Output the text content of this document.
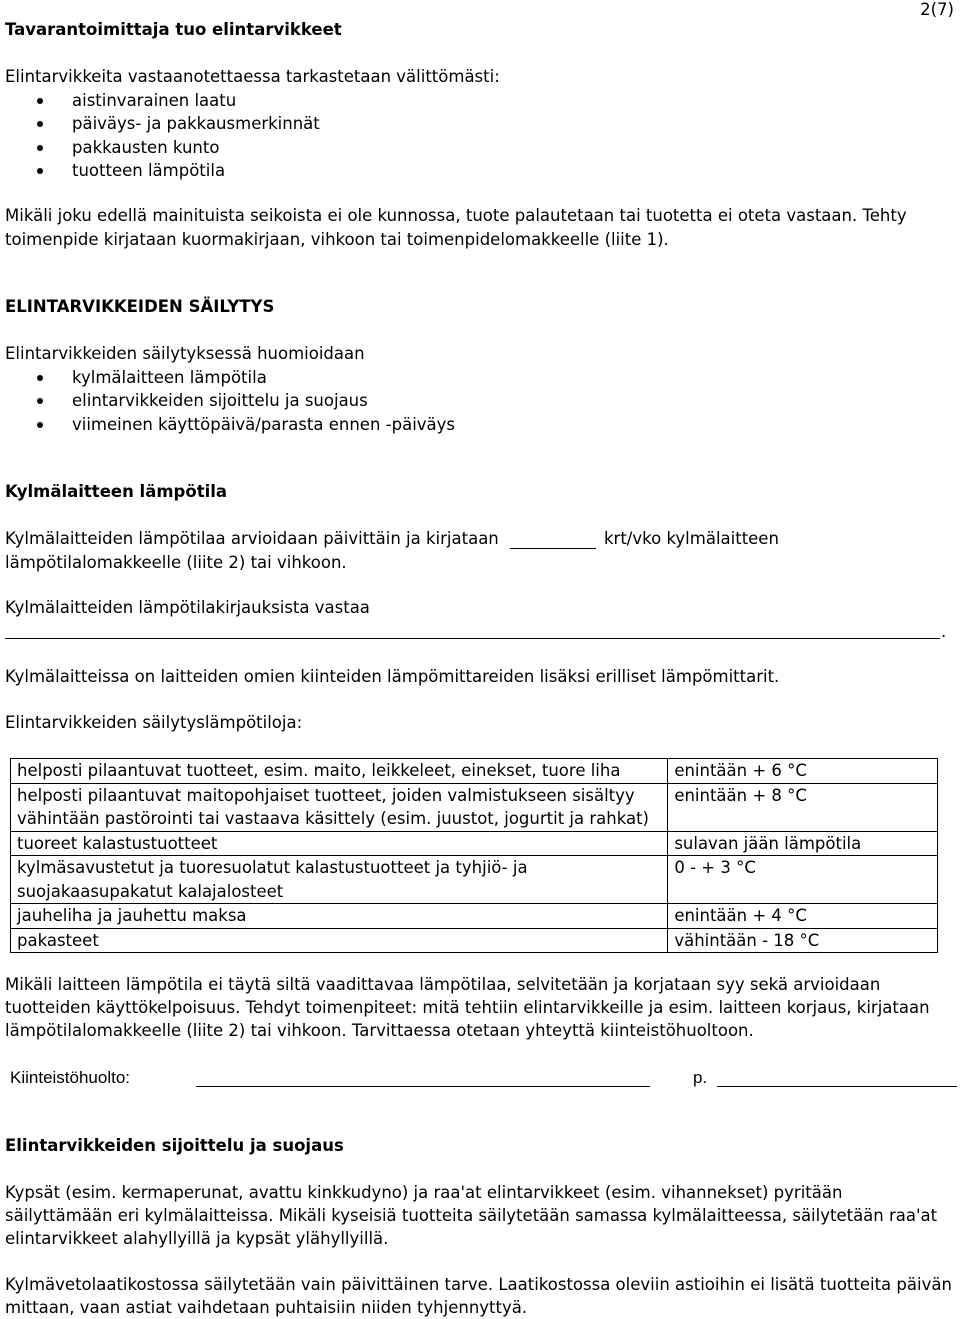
2(7)
Tavarantoimittaja tuo elintarvikkeet
Elintarvikkeita vastaanotettaessa tarkastetaan välittömästi:
aistinvarainen laatu
päiväys- ja pakkausmerkinnät
pakkausten kunto
tuotteen lämpötila
Mikäli joku edellä mainituista seikoista ei ole kunnossa, tuote palautetaan tai tuotetta ei oteta vastaan. Tehty
toimenpide kirjataan kuormakirjaan, vihkoon tai toimenpidelomakkeelle (liite 1).
ELINTARVIKKEIDEN SÄILYTYS
Elintarvikkeiden säilytyksessä huomioidaan
kylmälaitteen lämpötila
elintarvikkeiden sijoittelu ja suojaus
viimeinen käyttöpäivä/parasta ennen -päiväys
Kylmälaitteen lämpötila
Kylmälaitteiden lämpötilaa arvioidaan päivittäin ja kirjataan	krt/vko kylmälaitteen
lämpötilalomakkeelle (liite 2) tai vihkoon.
Kylmälaitteiden lämpötilakirjauksista vastaa
.
Kylmälaitteissa on laitteiden omien kiinteiden lämpömittareiden lisäksi erilliset lämpömittarit.
Elintarvikkeiden säilytyslämpötiloja:
helposti pilaantuvat tuotteet, esim. maito, leikkeleet, einekset, tuore liha	enintään + 6 °C
helposti pilaantuvat maitopohjaiset tuotteet, joiden valmistukseen sisältyy vähintään pastörointi tai vastaava käsittely (esim. juustot, jogurtit ja rahkat)	enintään + 8 °C
tuoreet kalastustuotteet	sulavan jään lämpötila
kylmäsavustetut ja tuoresuolatut kalastustuotteet ja tyhjiö- ja suojakaasupakatut kalajalosteet	0 - + 3 °C
jauheliha ja jauhettu maksa	enintään + 4 °C
pakasteet	vähintään - 18 °C
Mikäli laitteen lämpötila ei täytä siltä vaadittavaa lämpötilaa, selvitetään ja korjataan syy sekä arvioidaan
tuotteiden käyttökelpoisuus. Tehdyt toimenpiteet: mitä tehtiin elintarvikkeille ja esim. laitteen korjaus, kirjataan
lämpötilalomakkeelle (liite 2) tai vihkoon. Tarvittaessa otetaan yhteyttä kiinteistöhuoltoon.
Kiinteistöhuolto:	p.
Elintarvikkeiden sijoittelu ja suojaus
Kypsät (esim. kermaperunat, avattu kinkkudyno) ja raa'at elintarvikkeet (esim. vihannekset) pyritään
säilyttämään eri kylmälaitteissa. Mikäli kyseisiä tuotteita säilytetään samassa kylmälaitteessa, säilytetään raa'at
elintarvikkeet alahyllyillä ja kypsät ylähyllyillä.
Kylmävetolaatikostossa säilytetään vain päivittäinen tarve. Laatikostossa oleviin astioihin ei lisätä tuotteita päivän
mittaan, vaan astiat vaihdetaan puhtaisiin niiden tyhjennyttyä.
